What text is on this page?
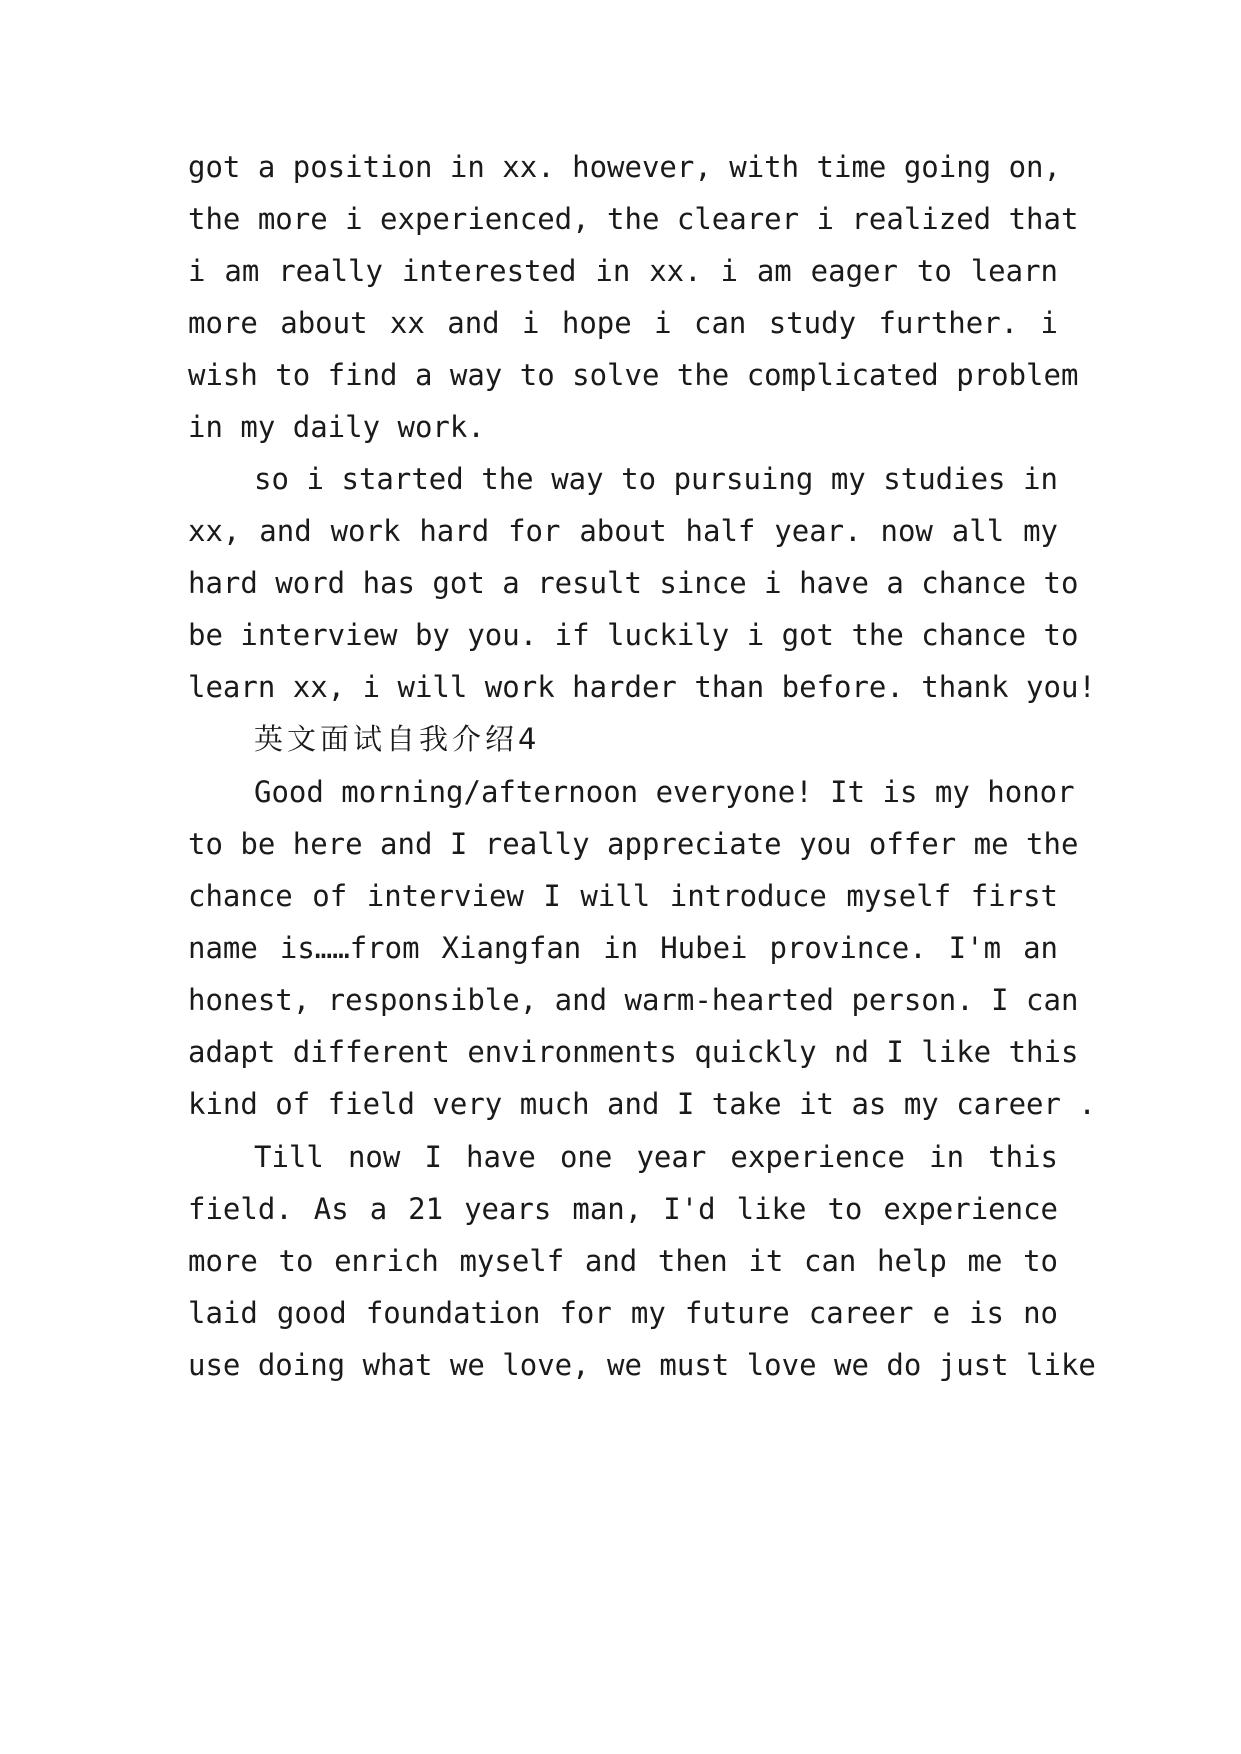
got a position in xx. however, with time going on,
the more i experienced, the clearer i realized that
i am really interested in xx. i am eager to learn
more about xx and i hope i can study further. i
wish to find a way to solve the complicated problem
in my daily work.
so i started the way to pursuing my studies in
xx, and work hard for about half year. now all my
hard word has got a result since i have a chance to
be interview by you. if luckily i got the chance to
learn xx, i will work harder than before. thank you!
英文面试自我介绍4
Good morning/afternoon everyone! It is my honor
to be here and I really appreciate you offer me the
chance of interview I will introduce myself first
name is……from Xiangfan in Hubei province. I'm an
honest, responsible, and warm-hearted person. I can
adapt different environments quickly nd I like this
kind of field very much and I take it as my career .
Till now I have one year experience in this
field. As a 21 years man, I'd like to experience
more to enrich myself and then it can help me to
laid good foundation for my future career e is no
use doing what we love, we must love we do just like
